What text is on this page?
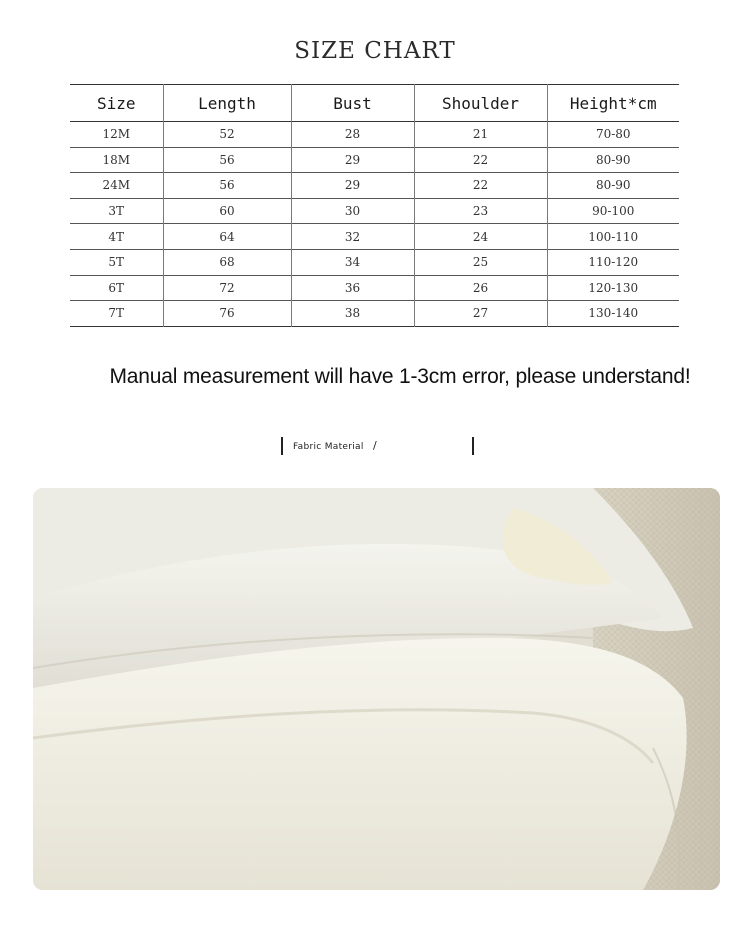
SIZE CHART
Size	Length	Bust	Shoulder	Height*cm
12M	52	28	21	70-80
18M	56	29	22	80-90
24M	56	29	22	80-90
3T	60	30	23	90-100
4T	64	32	24	100-110
5T	68	34	25	110-120
6T	72	36	26	120-130
7T	76	38	27	130-140
Manual measurement will have 1-3cm error, please understand!
Fabric Material /
